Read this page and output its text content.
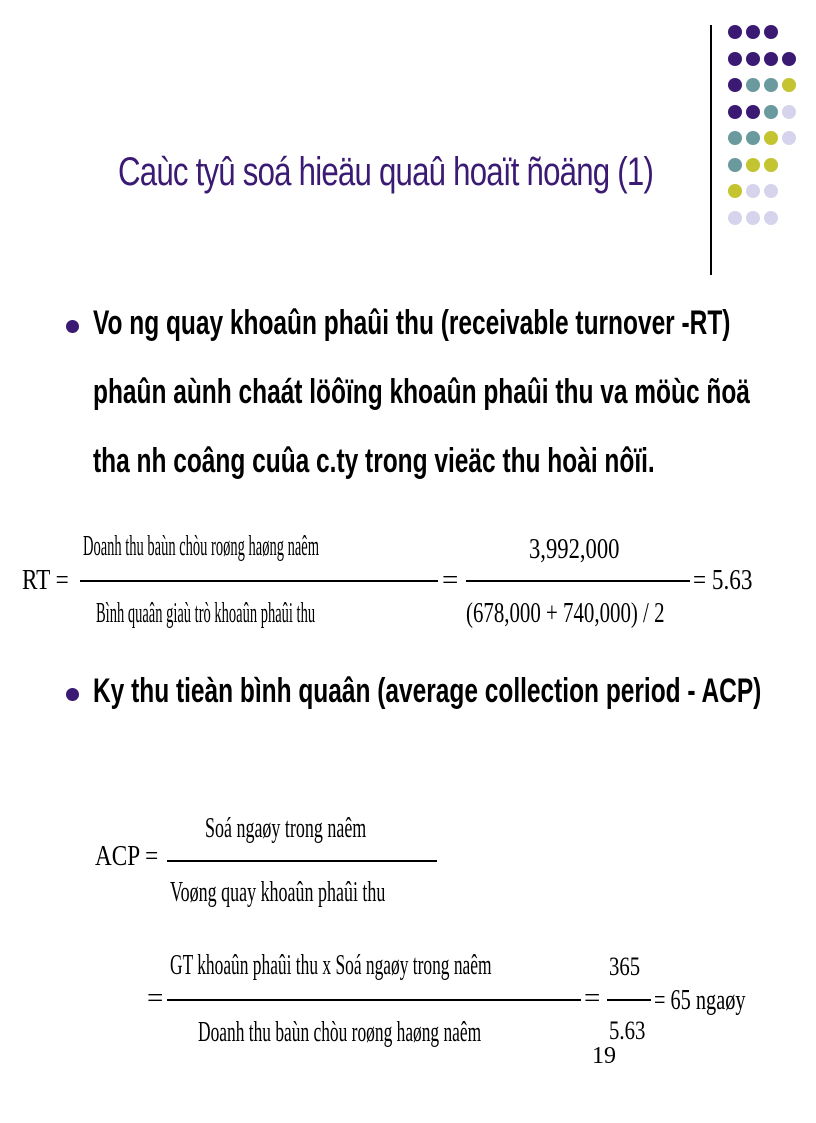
Caùc tyû soá hieäu quaû hoaït ñoäng (1)
Vo ng quay khoaûn phaûi thu (receivable turnover -RT)
phaûn aùnh chaát löôïng khoaûn phaûi thu va möùc ñoä
tha nh coâng cuûa c.ty trong vieäc thu hoài nôïi.
RT =
Doanh thu baùn chòu roøng haøng naêm
Bình quaân giaù trò khoaûn phaûi thu
=
3,992,000
(678,000 + 740,000) / 2
= 5.63
Ky thu tieàn bình quaân (average collection period - ACP)
ACP =
Soá ngaøy trong naêm
Voøng quay khoaûn phaûi thu
=
GT khoaûn phaûi thu x Soá ngaøy trong naêm
Doanh thu baùn chòu roøng haøng naêm
=
365
5.63
= 65 ngaøy
19
